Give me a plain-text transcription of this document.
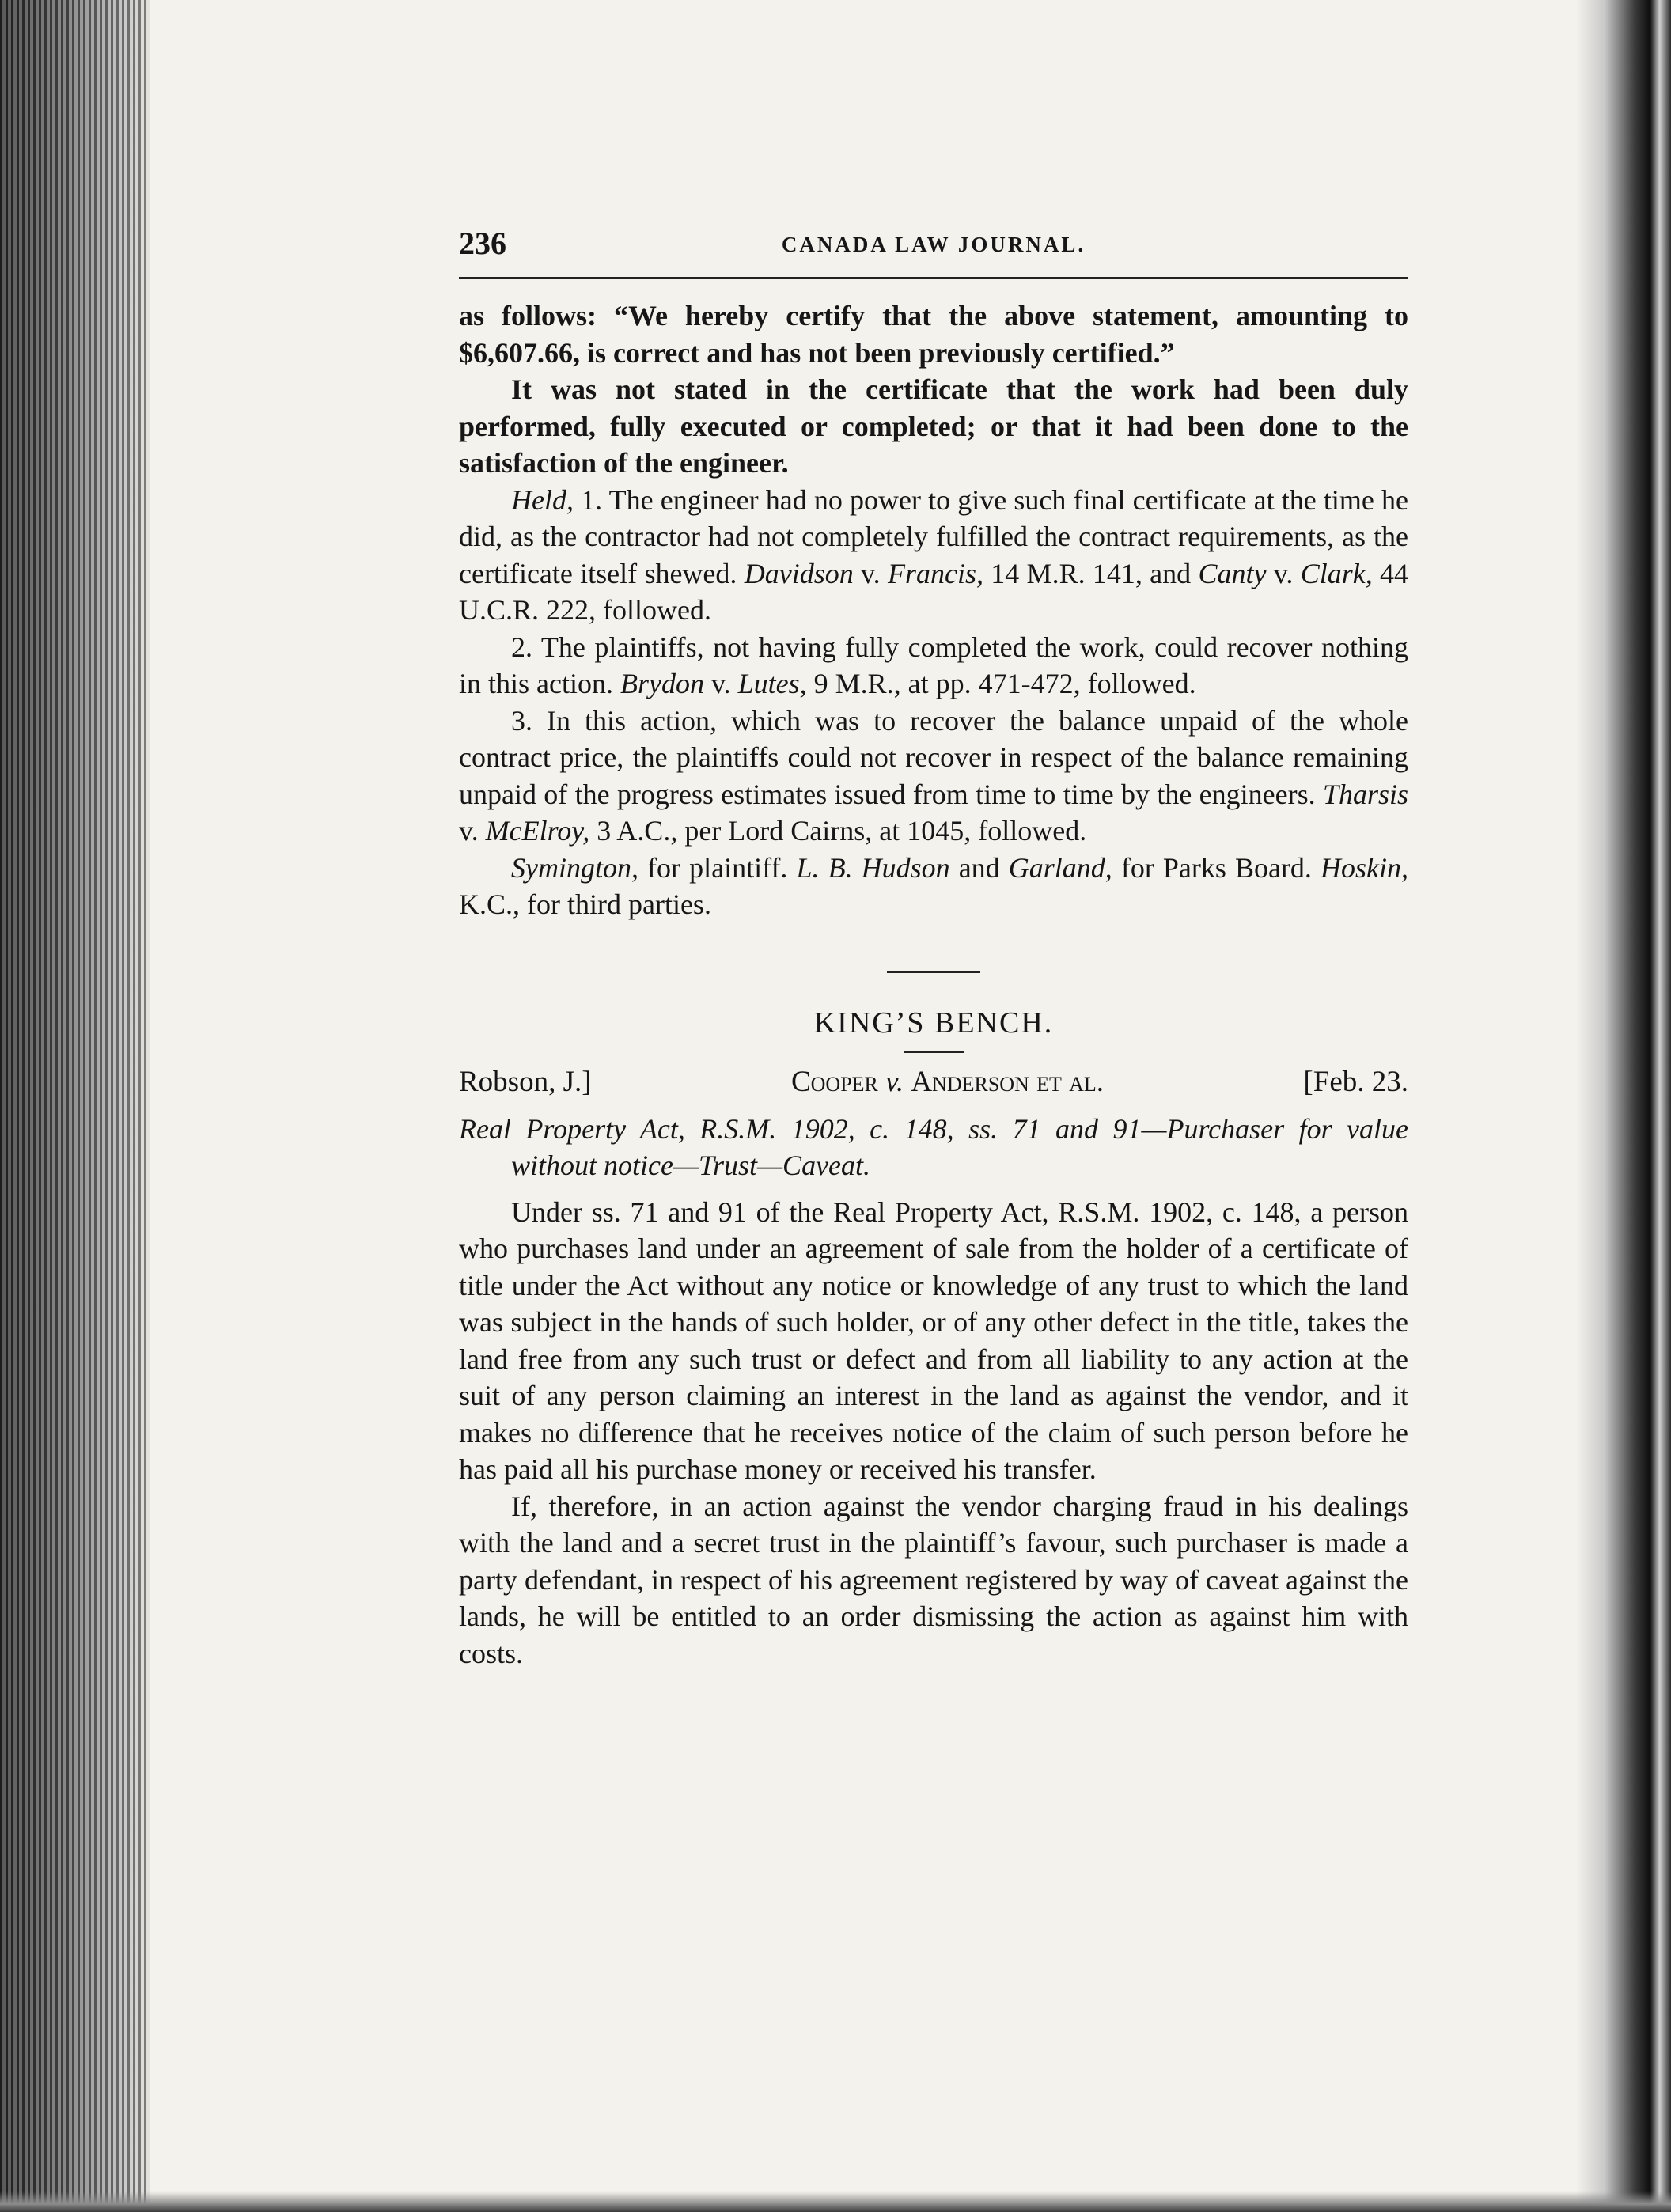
236	CANADA LAW JOURNAL.

as follows: “We hereby certify that the above statement, amounting to $6,607.66, is correct and has not been previously certified.”

It was not stated in the certificate that the work had been duly performed, fully executed or completed; or that it had been done to the satisfaction of the engineer.

Held, 1. The engineer had no power to give such final certificate at the time he did, as the contractor had not completely fulfilled the contract requirements, as the certificate itself shewed. Davidson v. Francis, 14 M.R. 141, and Canty v. Clark, 44 U.C.R. 222, followed.

2. The plaintiffs, not having fully completed the work, could recover nothing in this action. Brydon v. Lutes, 9 M.R., at pp. 471-472, followed.

3. In this action, which was to recover the balance unpaid of the whole contract price, the plaintiffs could not recover in respect of the balance remaining unpaid of the progress estimates issued from time to time by the engineers. Tharsis v. McElroy, 3 A.C., per Lord Cairns, at 1045, followed.

Symington, for plaintiff. L. B. Hudson and Garland, for Parks Board. Hoskin, K.C., for third parties.

KING’S BENCH.

Robson, J.]	Cooper v. Anderson et al.	[Feb. 23.

Real Property Act, R.S.M. 1902, c. 148, ss. 71 and 91—Purchaser for value without notice—Trust—Caveat.

Under ss. 71 and 91 of the Real Property Act, R.S.M. 1902, c. 148, a person who purchases land under an agreement of sale from the holder of a certificate of title under the Act without any notice or knowledge of any trust to which the land was subject in the hands of such holder, or of any other defect in the title, takes the land free from any such trust or defect and from all liability to any action at the suit of any person claiming an interest in the land as against the vendor, and it makes no difference that he receives notice of the claim of such person before he has paid all his purchase money or received his transfer.

If, therefore, in an action against the vendor charging fraud in his dealings with the land and a secret trust in the plaintiff’s favour, such purchaser is made a party defendant, in respect of his agreement registered by way of caveat against the lands, he will be entitled to an order dismissing the action as against him with costs.
